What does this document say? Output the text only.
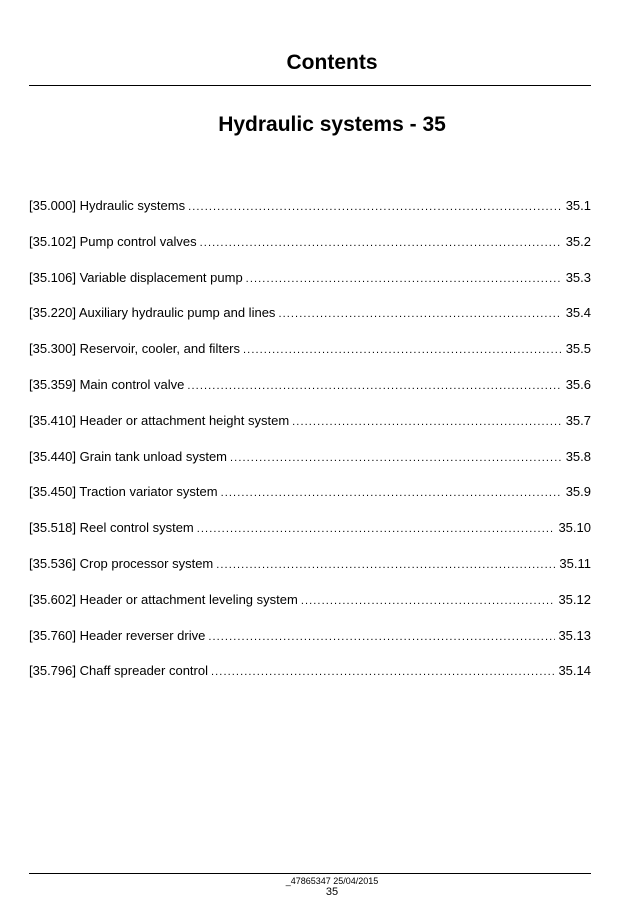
Contents
Hydraulic systems - 35
[35.000] Hydraulic systems .....	35.1
[35.102] Pump control valves .....	35.2
[35.106] Variable displacement pump .....	35.3
[35.220] Auxiliary hydraulic pump and lines .....	35.4
[35.300] Reservoir, cooler, and filters .....	35.5
[35.359] Main control valve .....	35.6
[35.410] Header or attachment height system .....	35.7
[35.440] Grain tank unload system .....	35.8
[35.450] Traction variator system .....	35.9
[35.518] Reel control system .....	35.10
[35.536] Crop processor system .....	35.11
[35.602] Header or attachment leveling system .....	35.12
[35.760] Header reverser drive .....	35.13
[35.796] Chaff spreader control .....	35.14
_47865347 25/04/2015
35
